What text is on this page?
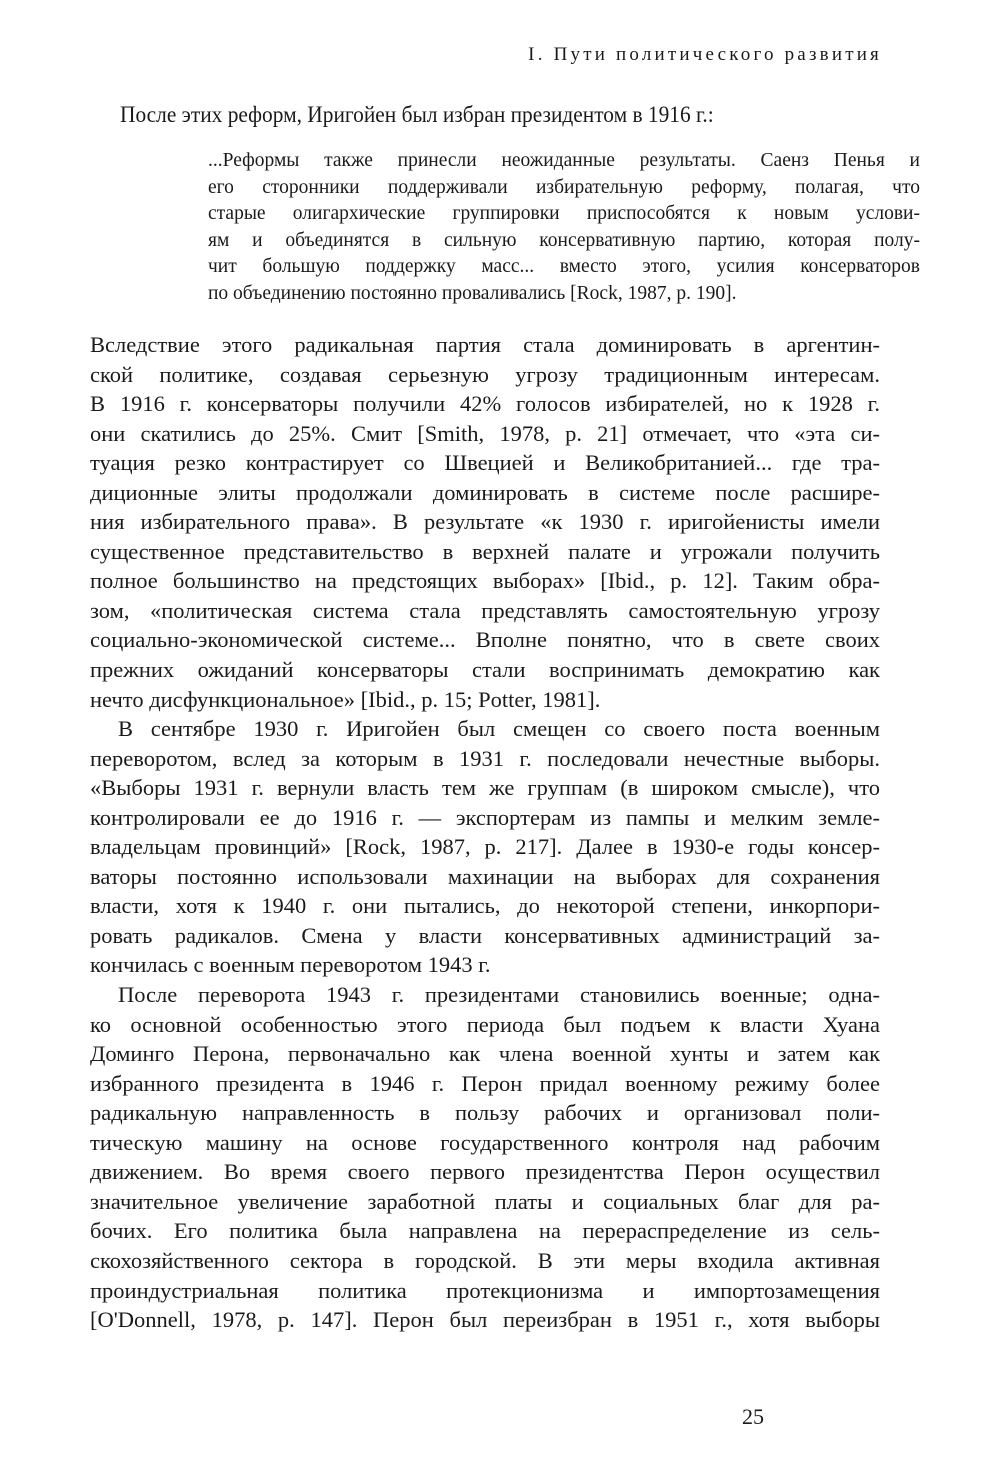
I. Пути политического развития
После этих реформ, Иригойен был избран президентом в 1916 г.:
...Реформы также принесли неожиданные результаты. Саенз Пенья и
его сторонники поддерживали избирательную реформу, полагая, что
старые олигархические группировки приспособятся к новым услови-
ям и объединятся в сильную консервативную партию, которая полу-
чит большую поддержку масс... вместо этого, усилия консерваторов
по объединению постоянно проваливались [Rock, 1987, p. 190].
Вследствие этого радикальная партия стала доминировать в аргентин-
ской политике, создавая серьезную угрозу традиционным интересам.
В 1916 г. консерваторы получили 42% голосов избирателей, но к 1928 г.
они скатились до 25%. Смит [Smith, 1978, p. 21] отмечает, что «эта си-
туация резко контрастирует со Швецией и Великобританией... где тра-
диционные элиты продолжали доминировать в системе после расшире-
ния избирательного права». В результате «к 1930 г. иригойенисты имели
существенное представительство в верхней палате и угрожали получить
полное большинство на предстоящих выборах» [Ibid., p. 12]. Таким обра-
зом, «политическая система стала представлять самостоятельную угрозу
социально-экономической системе... Вполне понятно, что в свете своих
прежних ожиданий консерваторы стали воспринимать демократию как
нечто дисфункциональное» [Ibid., p. 15; Potter, 1981].
В сентябре 1930 г. Иригойен был смещен со своего поста военным
переворотом, вслед за которым в 1931 г. последовали нечестные выборы.
«Выборы 1931 г. вернули власть тем же группам (в широком смысле), что
контролировали ее до 1916 г. — экспортерам из пампы и мелким земле-
владельцам провинций» [Rock, 1987, p. 217]. Далее в 1930-е годы консер-
ваторы постоянно использовали махинации на выборах для сохранения
власти, хотя к 1940 г. они пытались, до некоторой степени, инкорпори-
ровать радикалов. Смена у власти консервативных администраций за-
кончилась с военным переворотом 1943 г.
После переворота 1943 г. президентами становились военные; одна-
ко основной особенностью этого периода был подъем к власти Хуана
Доминго Перона, первоначально как члена военной хунты и затем как
избранного президента в 1946 г. Перон придал военному режиму более
радикальную направленность в пользу рабочих и организовал поли-
тическую машину на основе государственного контроля над рабочим
движением. Во время своего первого президентства Перон осуществил
значительное увеличение заработной платы и социальных благ для ра-
бочих. Его политика была направлена на перераспределение из сель-
скохозяйственного сектора в городской. В эти меры входила активная
проиндустриальная политика протекционизма и импортозамещения
[O'Donnell, 1978, p. 147]. Перон был переизбран в 1951 г., хотя выборы
25
